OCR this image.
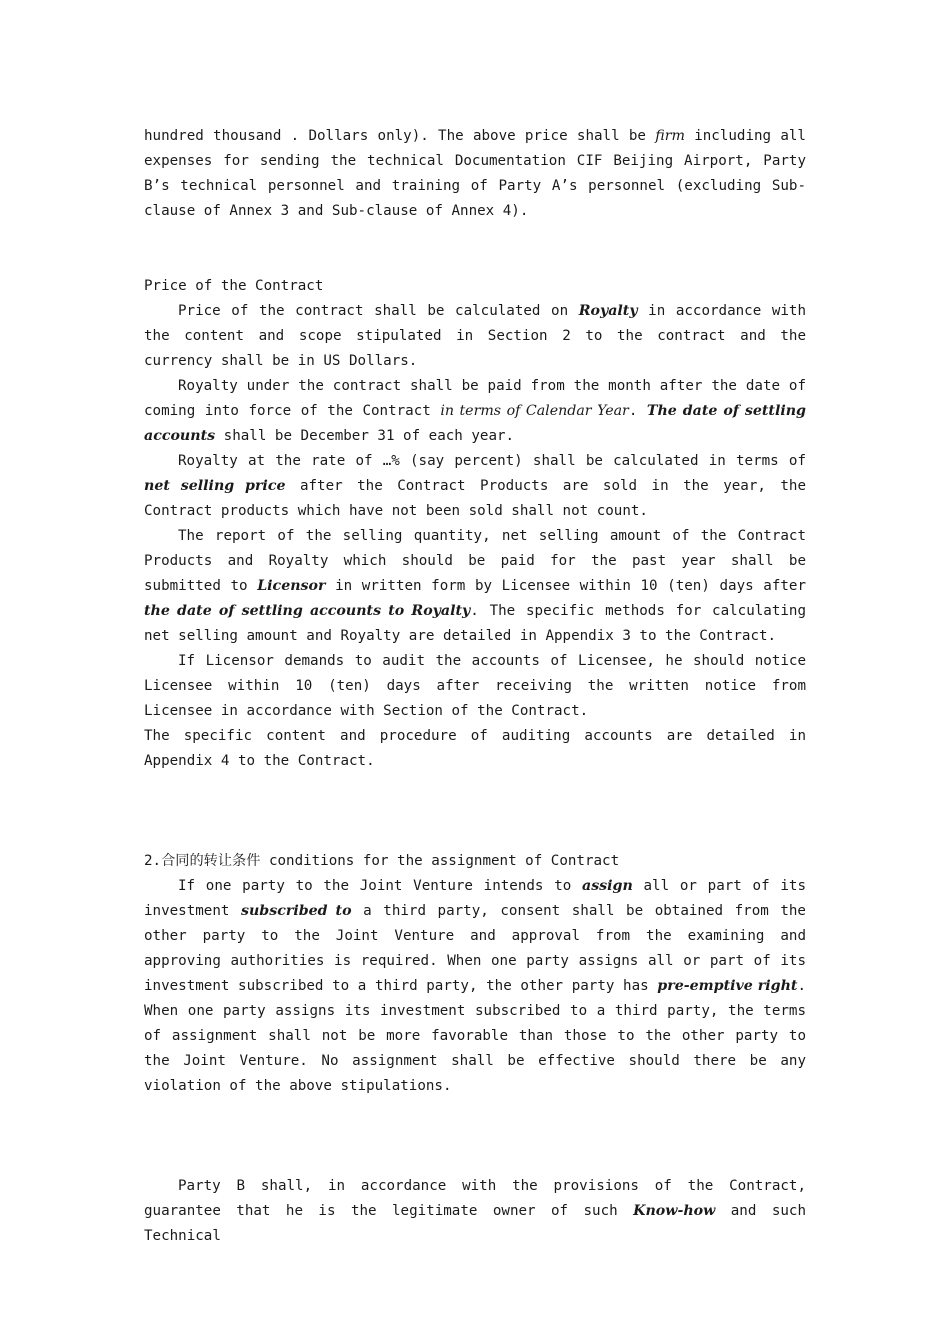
hundred thousand . Dollars only). The above price shall be firm including all expenses for sending the technical Documentation CIF Beijing Airport, Party B’s technical personnel and training of Party A’s personnel (excluding Sub-clause of Annex 3 and Sub-clause of Annex 4).

Price of the Contract

Price of the contract shall be calculated on Royalty in accordance with the content and scope stipulated in Section 2 to the contract and the currency shall be in US Dollars.

Royalty under the contract shall be paid from the month after the date of coming into force of the Contract in terms of Calendar Year. The date of settling accounts shall be December 31 of each year.

Royalty at the rate of …% (say percent) shall be calculated in terms of net selling price after the Contract Products are sold in the year, the Contract products which have not been sold shall not count.

The report of the selling quantity, net selling amount of the Contract Products and Royalty which should be paid for the past year shall be submitted to Licensor in written form by Licensee within 10 (ten) days after the date of settling accounts to Royalty. The specific methods for calculating net selling amount and Royalty are detailed in Appendix 3 to the Contract.

If Licensor demands to audit the accounts of Licensee, he should notice Licensee within 10 (ten) days after receiving the written notice from Licensee in accordance with Section of the Contract.

The specific content and procedure of auditing accounts are detailed in Appendix 4 to the Contract.

2.合同的转让条件 conditions for the assignment of Contract

If one party to the Joint Venture intends to assign all or part of its investment subscribed to a third party, consent shall be obtained from the other party to the Joint Venture and approval from the examining and approving authorities is required. When one party assigns all or part of its investment subscribed to a third party, the other party has pre-emptive right. When one party assigns its investment subscribed to a third party, the terms of assignment shall not be more favorable than those to the other party to the Joint Venture. No assignment shall be effective should there be any violation of the above stipulations.

Party B shall, in accordance with the provisions of the Contract, guarantee that he is the legitimate owner of such Know-how and such Technical
